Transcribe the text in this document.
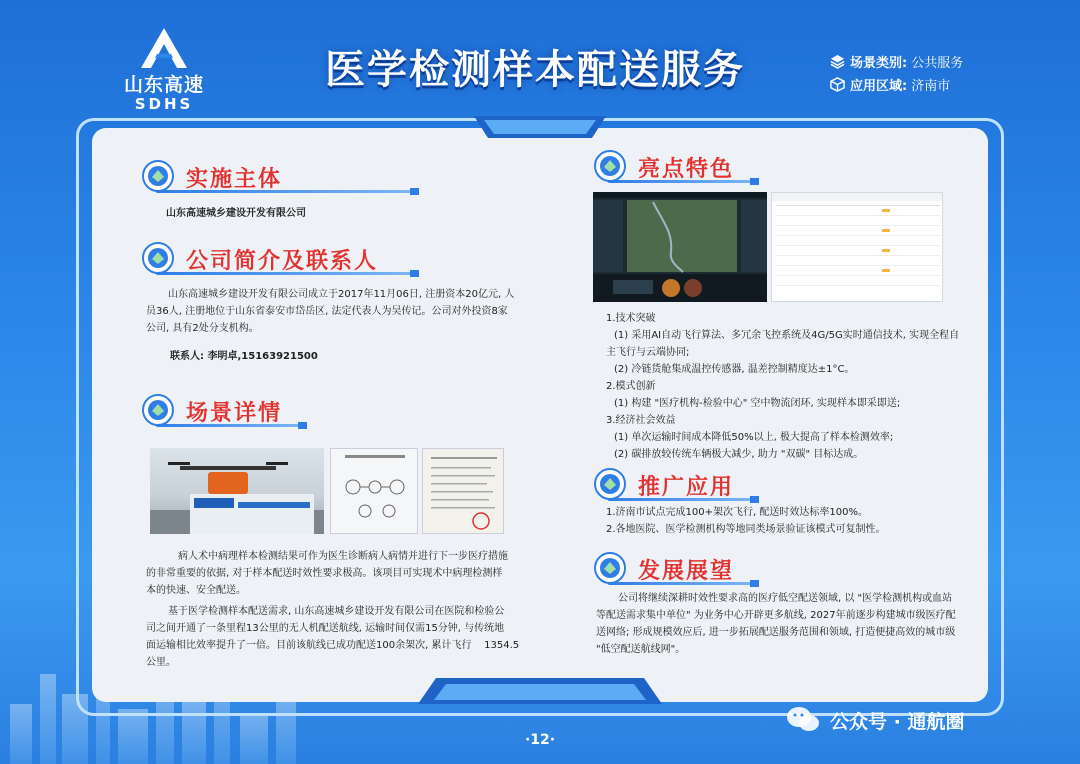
山东高速
SDHS
医学检测样本配送服务	场景类别: 公共服务
应用区域: 济南市
实施主体
山东高速城乡建设开发有限公司
公司简介及联系人

山东高速城乡建设开发有限公司成立于2017年11月06日, 注册资本20亿元, 人

员36人, 注册地位于山东省泰安市岱岳区, 法定代表人为吴传记。公司对外投资8家

公司, 具有2处分支机构。

联系人: 李明卓,15163921500
场景详情

病人术中病理样本检测结果可作为医生诊断病人病情并进行下一步医疗措施

的非常重要的依据, 对于样本配送时效性要求极高。该项目可实现术中病理检测样

本的快速、安全配送。

基于医学检测样本配送需求, 山东高速城乡建设开发有限公司在医院和检验公

司之间开通了一条里程13公里的无人机配送航线, 运输时间仅需15分钟, 与传统地

面运输相比效率提升了一倍。目前该航线已成功配送100余架次, 累计飞行    1354.5

公里。

亮点特色

1.技术突破

(1) 采用AI自动飞行算法、多冗余飞控系统及4G/5G实时通信技术, 实现全程自

主飞行与云端协同;

(2) 冷链货舱集成温控传感器, 温差控制精度达±1°C。

2.模式创新

(1) 构建 "医疗机构-检验中心" 空中物流闭环, 实现样本即采即送;

3.经济社会效益

(1) 单次运输时间成本降低50%以上, 极大提高了样本检测效率;

(2) 碳排放较传统车辆极大减少, 助力 "双碳" 目标达成。

推广应用

1.济南市试点完成100+架次飞行, 配送时效达标率100%。

2.各地医院、医学检测机构等地同类场景验证该模式可复制性。

发展展望

公司将继续深耕时效性要求高的医疗低空配送领域, 以 "医学检测机构或血站

等配送需求集中单位" 为业务中心开辟更多航线, 2027年前逐步构建城市级医疗配

送网络; 形成规模效应后, 进一步拓展配送服务范围和领域, 打造便捷高效的城市级

"低空配送航线网"。

·12·
公众号 · 通航圈
